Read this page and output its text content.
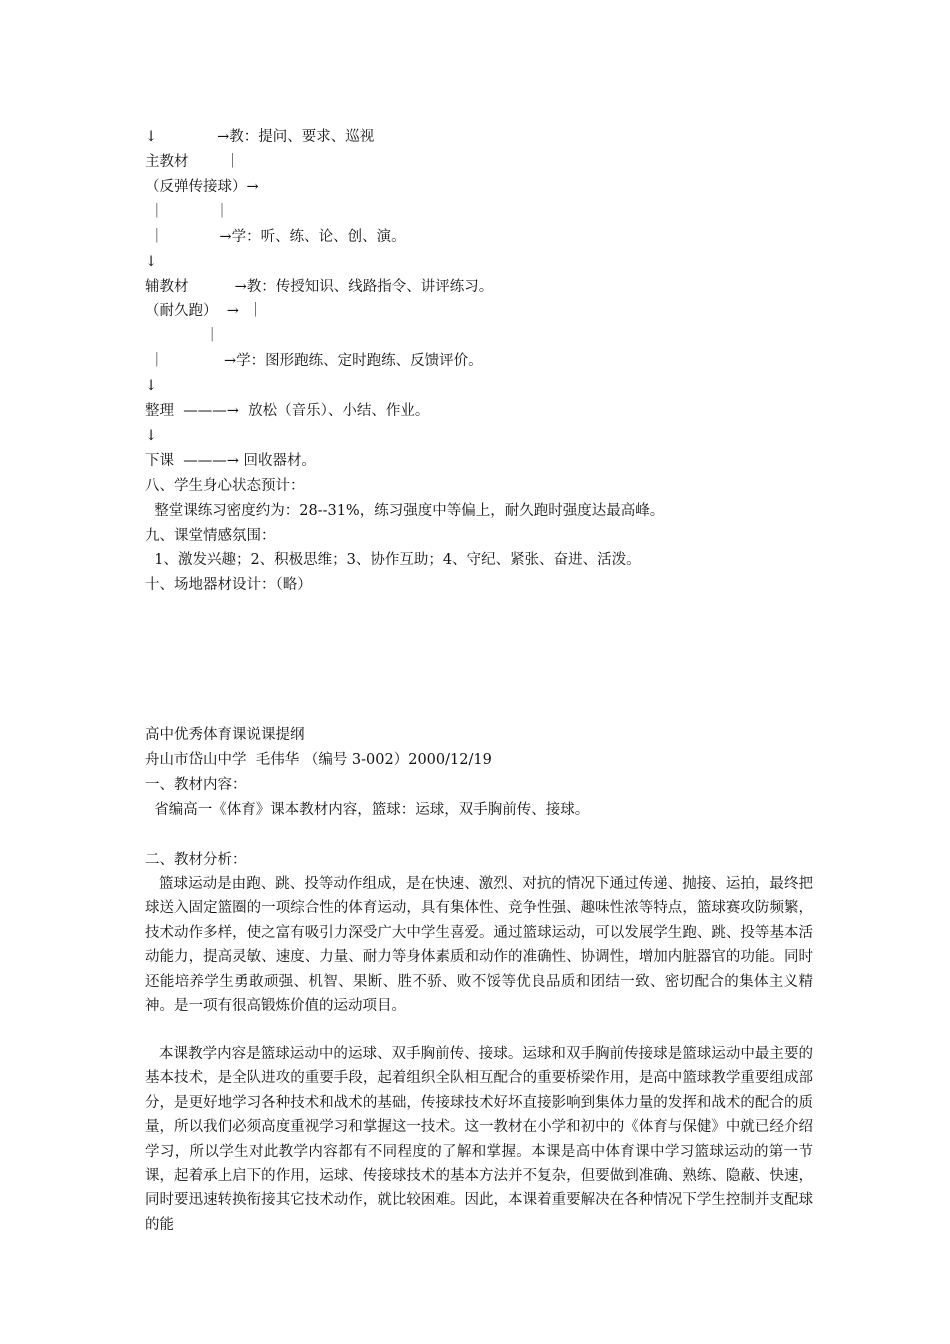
↓             →教：提问、要求、巡视
主教材        ｜
（反弹传接球）→
｜           ｜
｜            →学：听、练、论、创、演。
↓
辅教材          →教：传授知识、线路指令、讲评练习。
（耐久跑）  →  ｜
｜
｜             →学：图形跑练、定时跑练、反馈评价。
↓
整理  ———→  放松（音乐）、小结、作业。
↓
下课  ———→ 回收器材。
八、学生身心状态预计：
整堂课练习密度约为：28--31%，练习强度中等偏上，耐久跑时强度达最高峰。
九、课堂情感氛围：
1、激发兴趣；2、积极思维；3、协作互助；4、守纪、紧张、奋进、活泼。
十、场地器材设计：（略）
高中优秀体育课说课提纲
舟山市岱山中学  毛伟华 （编号 3-002）2000/12/19
一、教材内容：
省编高一《体育》课本教材内容，篮球：运球，双手胸前传、接球。
二、教材分析：
篮球运动是由跑、跳、投等动作组成，是在快速、激烈、对抗的情况下通过传递、抛接、运拍，最终把球送入固定篮圈的一项综合性的体育运动，具有集体性、竞争性强、趣味性浓等特点，篮球赛攻防频繁，技术动作多样，使之富有吸引力深受广大中学生喜爱。通过篮球运动，可以发展学生跑、跳、投等基本活动能力，提高灵敏、速度、力量、耐力等身体素质和动作的准确性、协调性，增加内脏器官的功能。同时还能培养学生勇敢顽强、机智、果断、胜不骄、败不馁等优良品质和团结一致、密切配合的集体主义精神。是一项有很高锻炼价值的运动项目。
本课教学内容是篮球运动中的运球、双手胸前传、接球。运球和双手胸前传接球是篮球运动中最主要的基本技术，是全队进攻的重要手段，起着组织全队相互配合的重要桥梁作用，是高中篮球教学重要组成部分，是更好地学习各种技术和战术的基础，传接球技术好坏直接影响到集体力量的发挥和战术的配合的质量，所以我们必须高度重视学习和掌握这一技术。这一教材在小学和初中的《体育与保健》中就已经介绍学习，所以学生对此教学内容都有不同程度的了解和掌握。本课是高中体育课中学习篮球运动的第一节课，起着承上启下的作用，运球、传接球技术的基本方法并不复杂，但要做到准确、熟练、隐蔽、快速，同时要迅速转换衔接其它技术动作，就比较困难。因此，本课着重要解决在各种情况下学生控制并支配球的能
